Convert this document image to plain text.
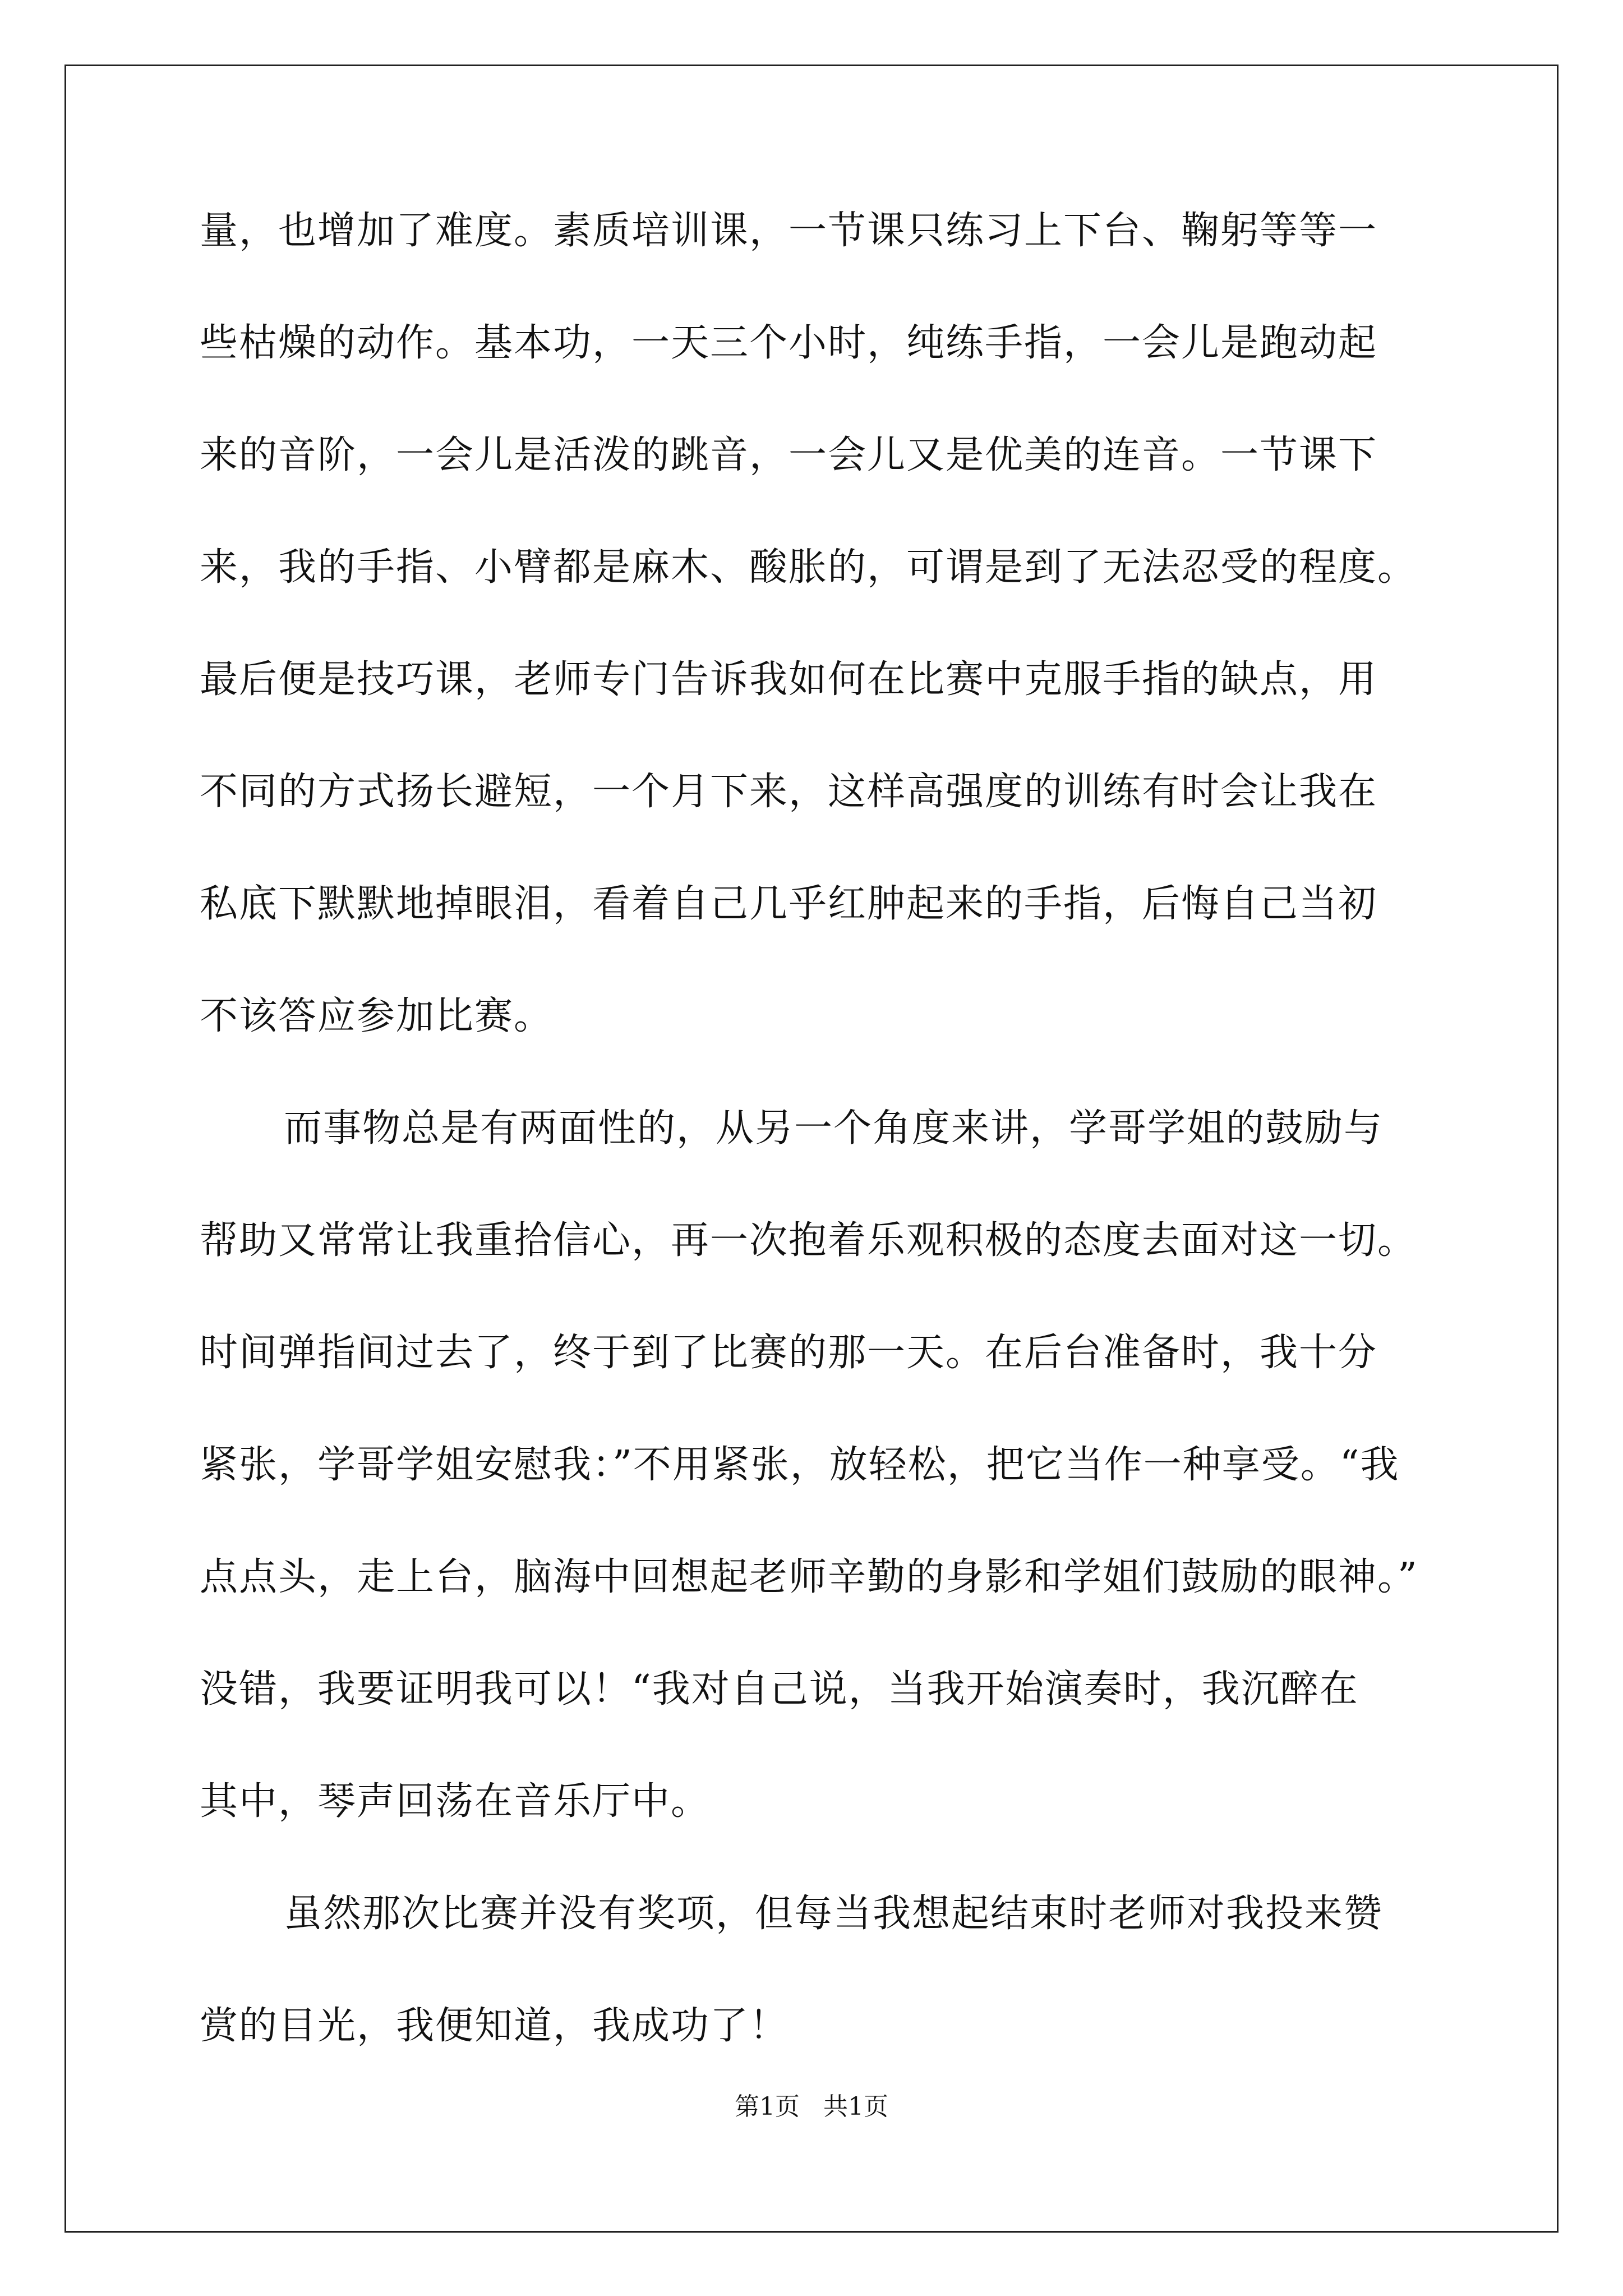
量，也增加了难度。素质培训课，一节课只练习上下台、鞠躬等等一
些枯燥的动作。基本功，一天三个小时，纯练手指，一会儿是跑动起
来的音阶，一会儿是活泼的跳音，一会儿又是优美的连音。一节课下
来，我的手指、小臂都是麻木、酸胀的，可谓是到了无法忍受的程度。
最后便是技巧课，老师专门告诉我如何在比赛中克服手指的缺点，用
不同的方式扬长避短，一个月下来，这样高强度的训练有时会让我在
私底下默默地掉眼泪，看着自己几乎红肿起来的手指，后悔自己当初
不该答应参加比赛。
而事物总是有两面性的，从另一个角度来讲，学哥学姐的鼓励与
帮助又常常让我重拾信心，再一次抱着乐观积极的态度去面对这一切。
时间弹指间过去了，终于到了比赛的那一天。在后台准备时，我十分
紧张，学哥学姐安慰我：”不用紧张，放轻松，把它当作一种享受。“我
点点头，走上台，脑海中回想起老师辛勤的身影和学姐们鼓励的眼神。”
没错，我要证明我可以！“我对自己说，当我开始演奏时，我沉醉在
其中，琴声回荡在音乐厅中。
虽然那次比赛并没有奖项，但每当我想起结束时老师对我投来赞
赏的目光，我便知道，我成功了！
第1页   共1页
